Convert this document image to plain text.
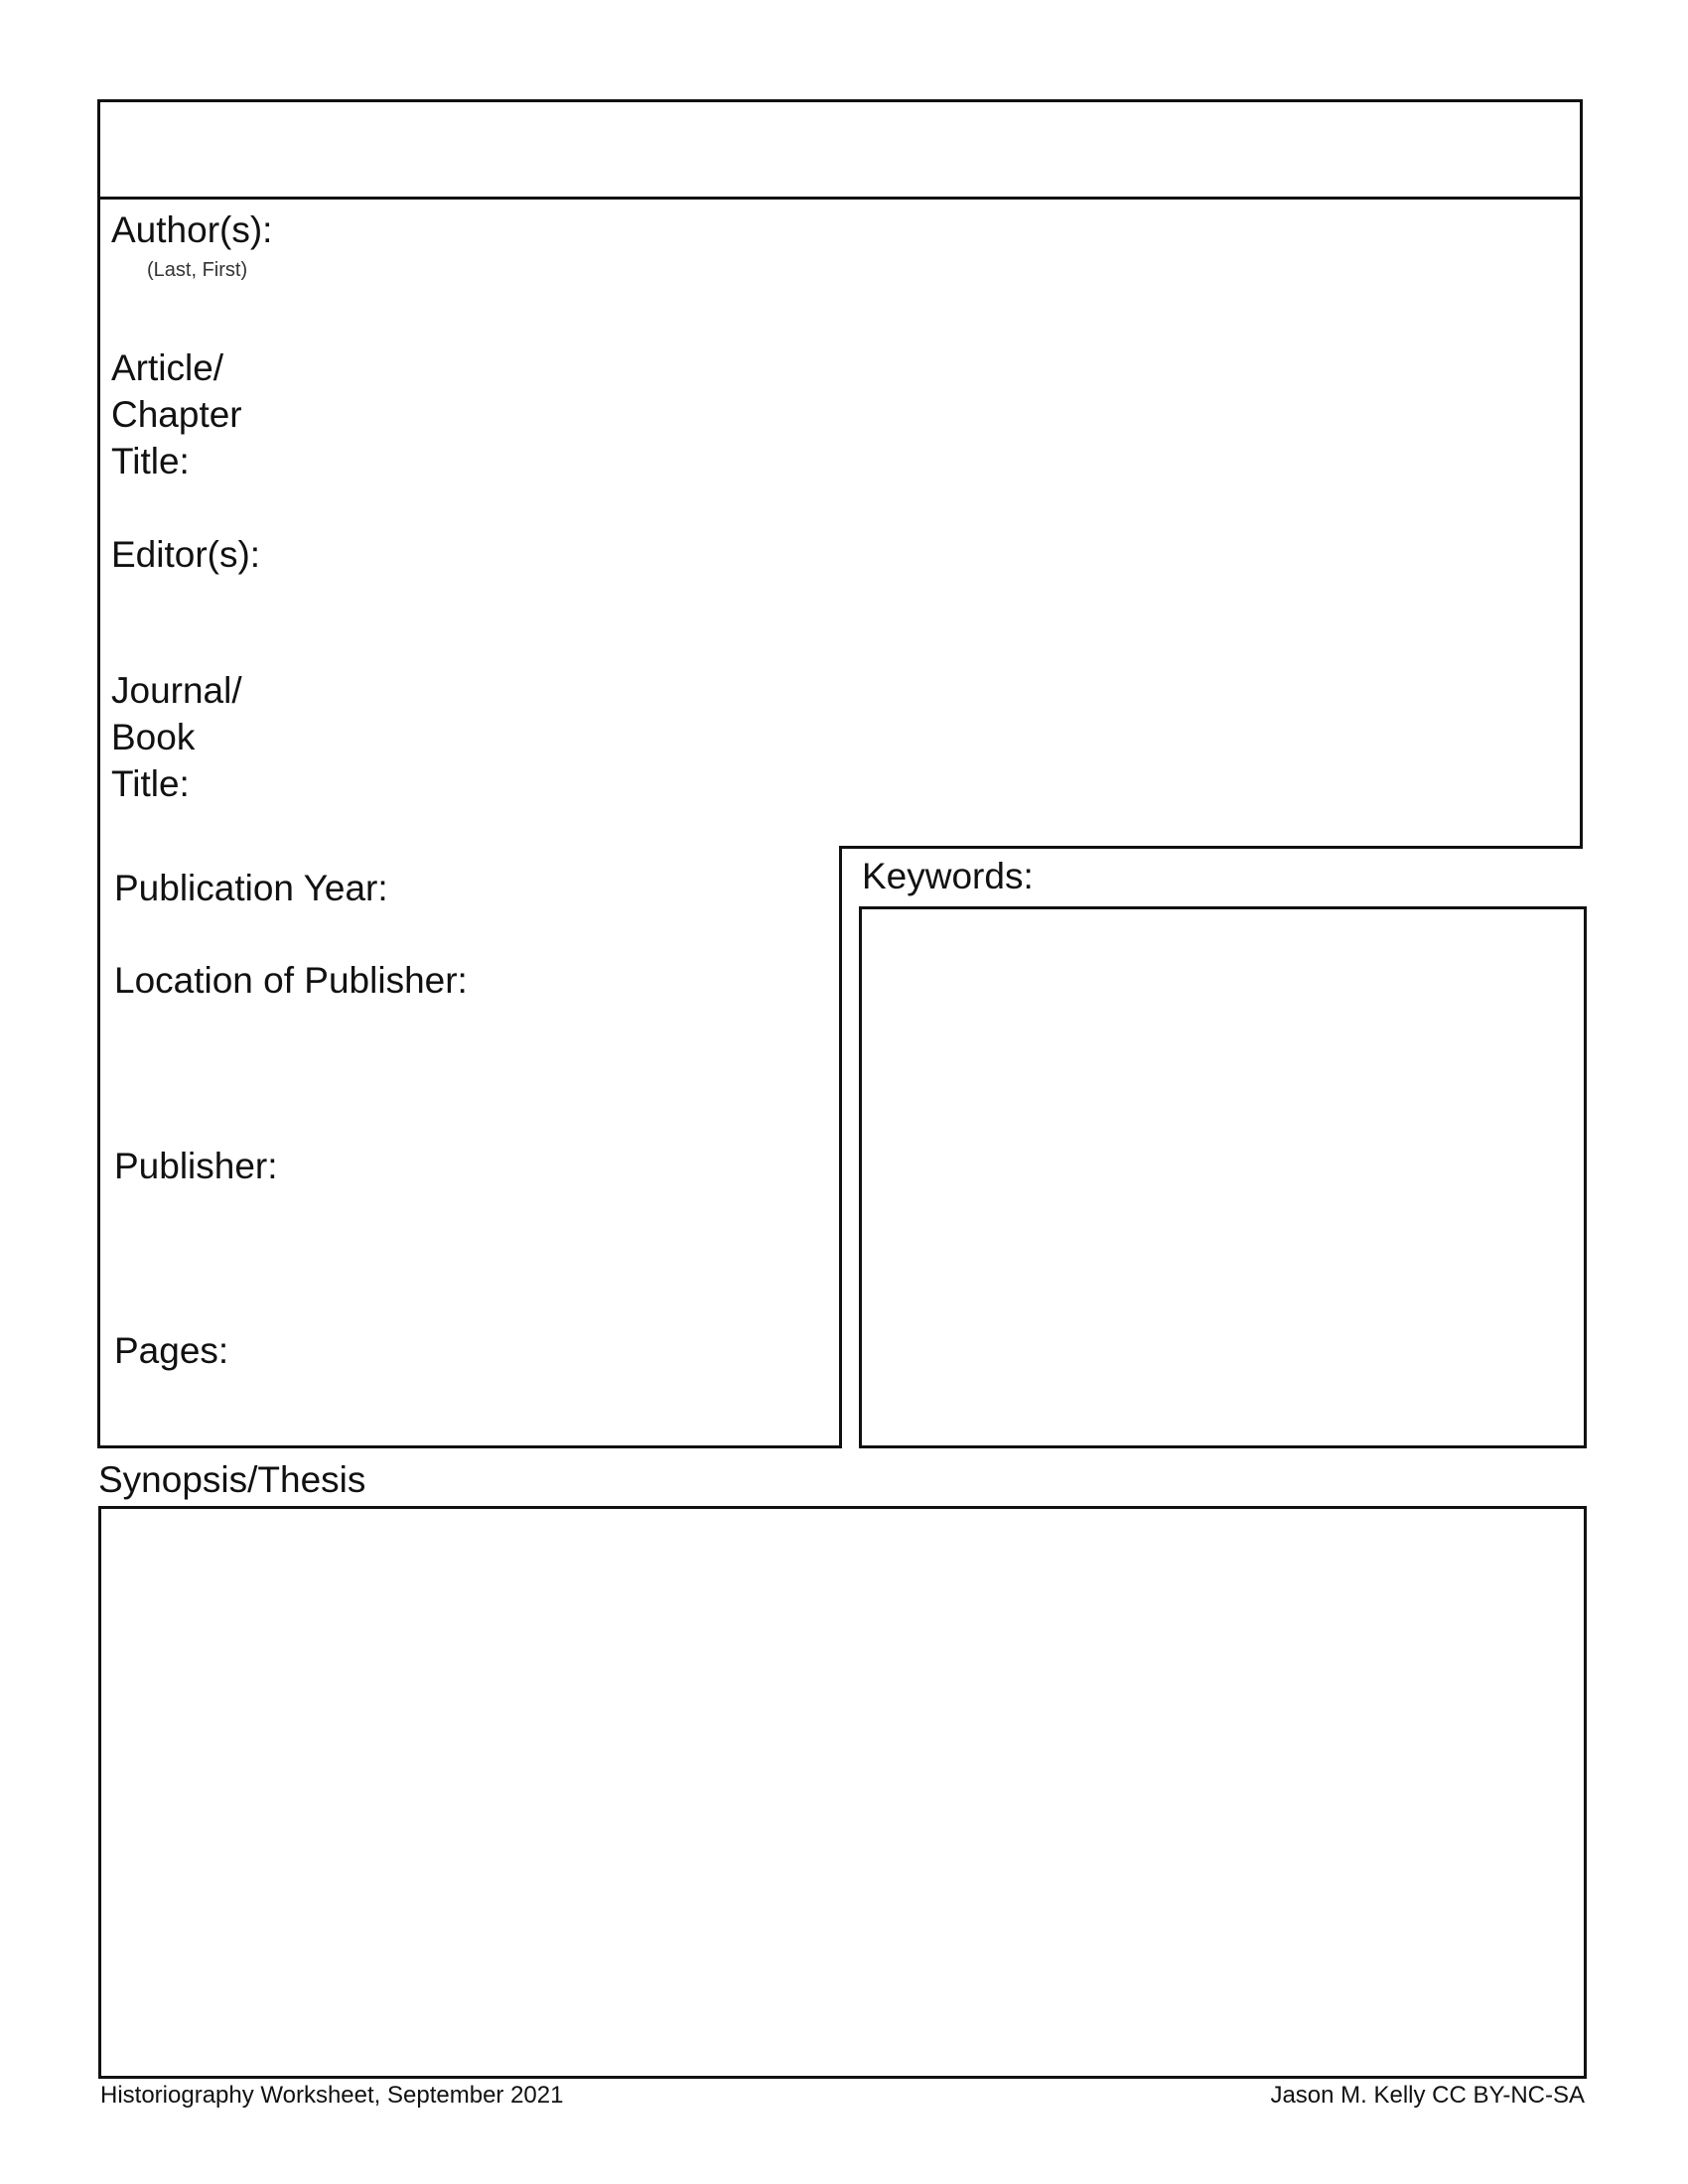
Author(s):
(Last, First)
Article/
Chapter
Title:
Editor(s):
Journal/
Book
Title:
Publication Year:
Location of Publisher:
Publisher:
Pages:
Keywords:
Synopsis/Thesis
Historiography Worksheet, September 2021	Jason M. Kelly CC BY-NC-SA
